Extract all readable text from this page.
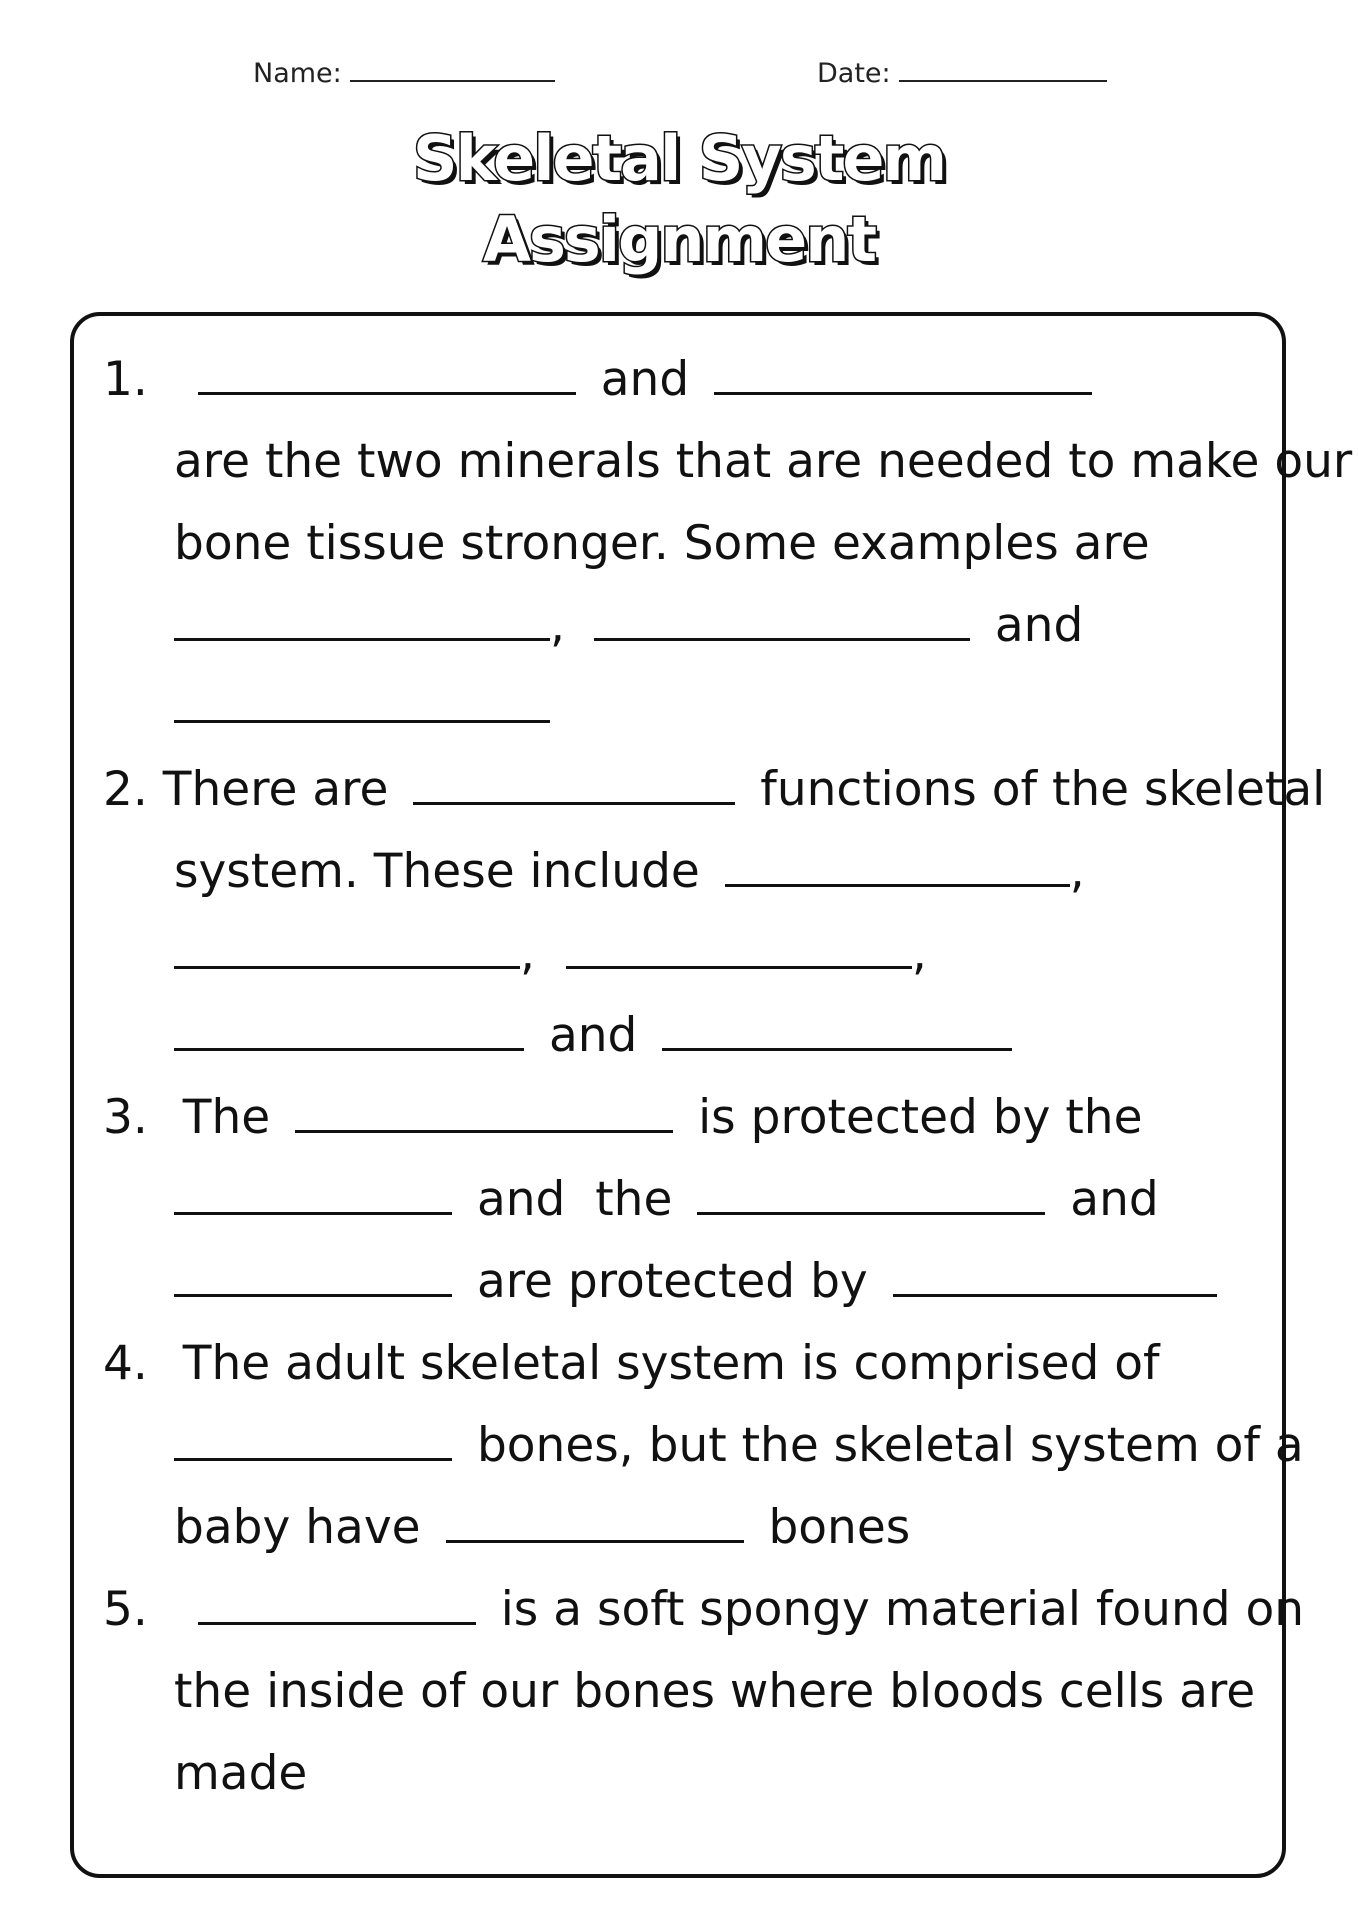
Name:	Date:
Skeletal System
Assignment
1.	and
are the two minerals that are needed to make our
bone tissue stronger. Some examples are
,	and
2. There are	functions of the skeletal
system. These include	,
,	,
and
3. The	is protected by the
and  the	and
are protected by
4. The adult skeletal system is comprised of
bones, but the skeletal system of a
baby have	bones
5.	is a soft spongy material found on
the inside of our bones where bloods cells are
made
